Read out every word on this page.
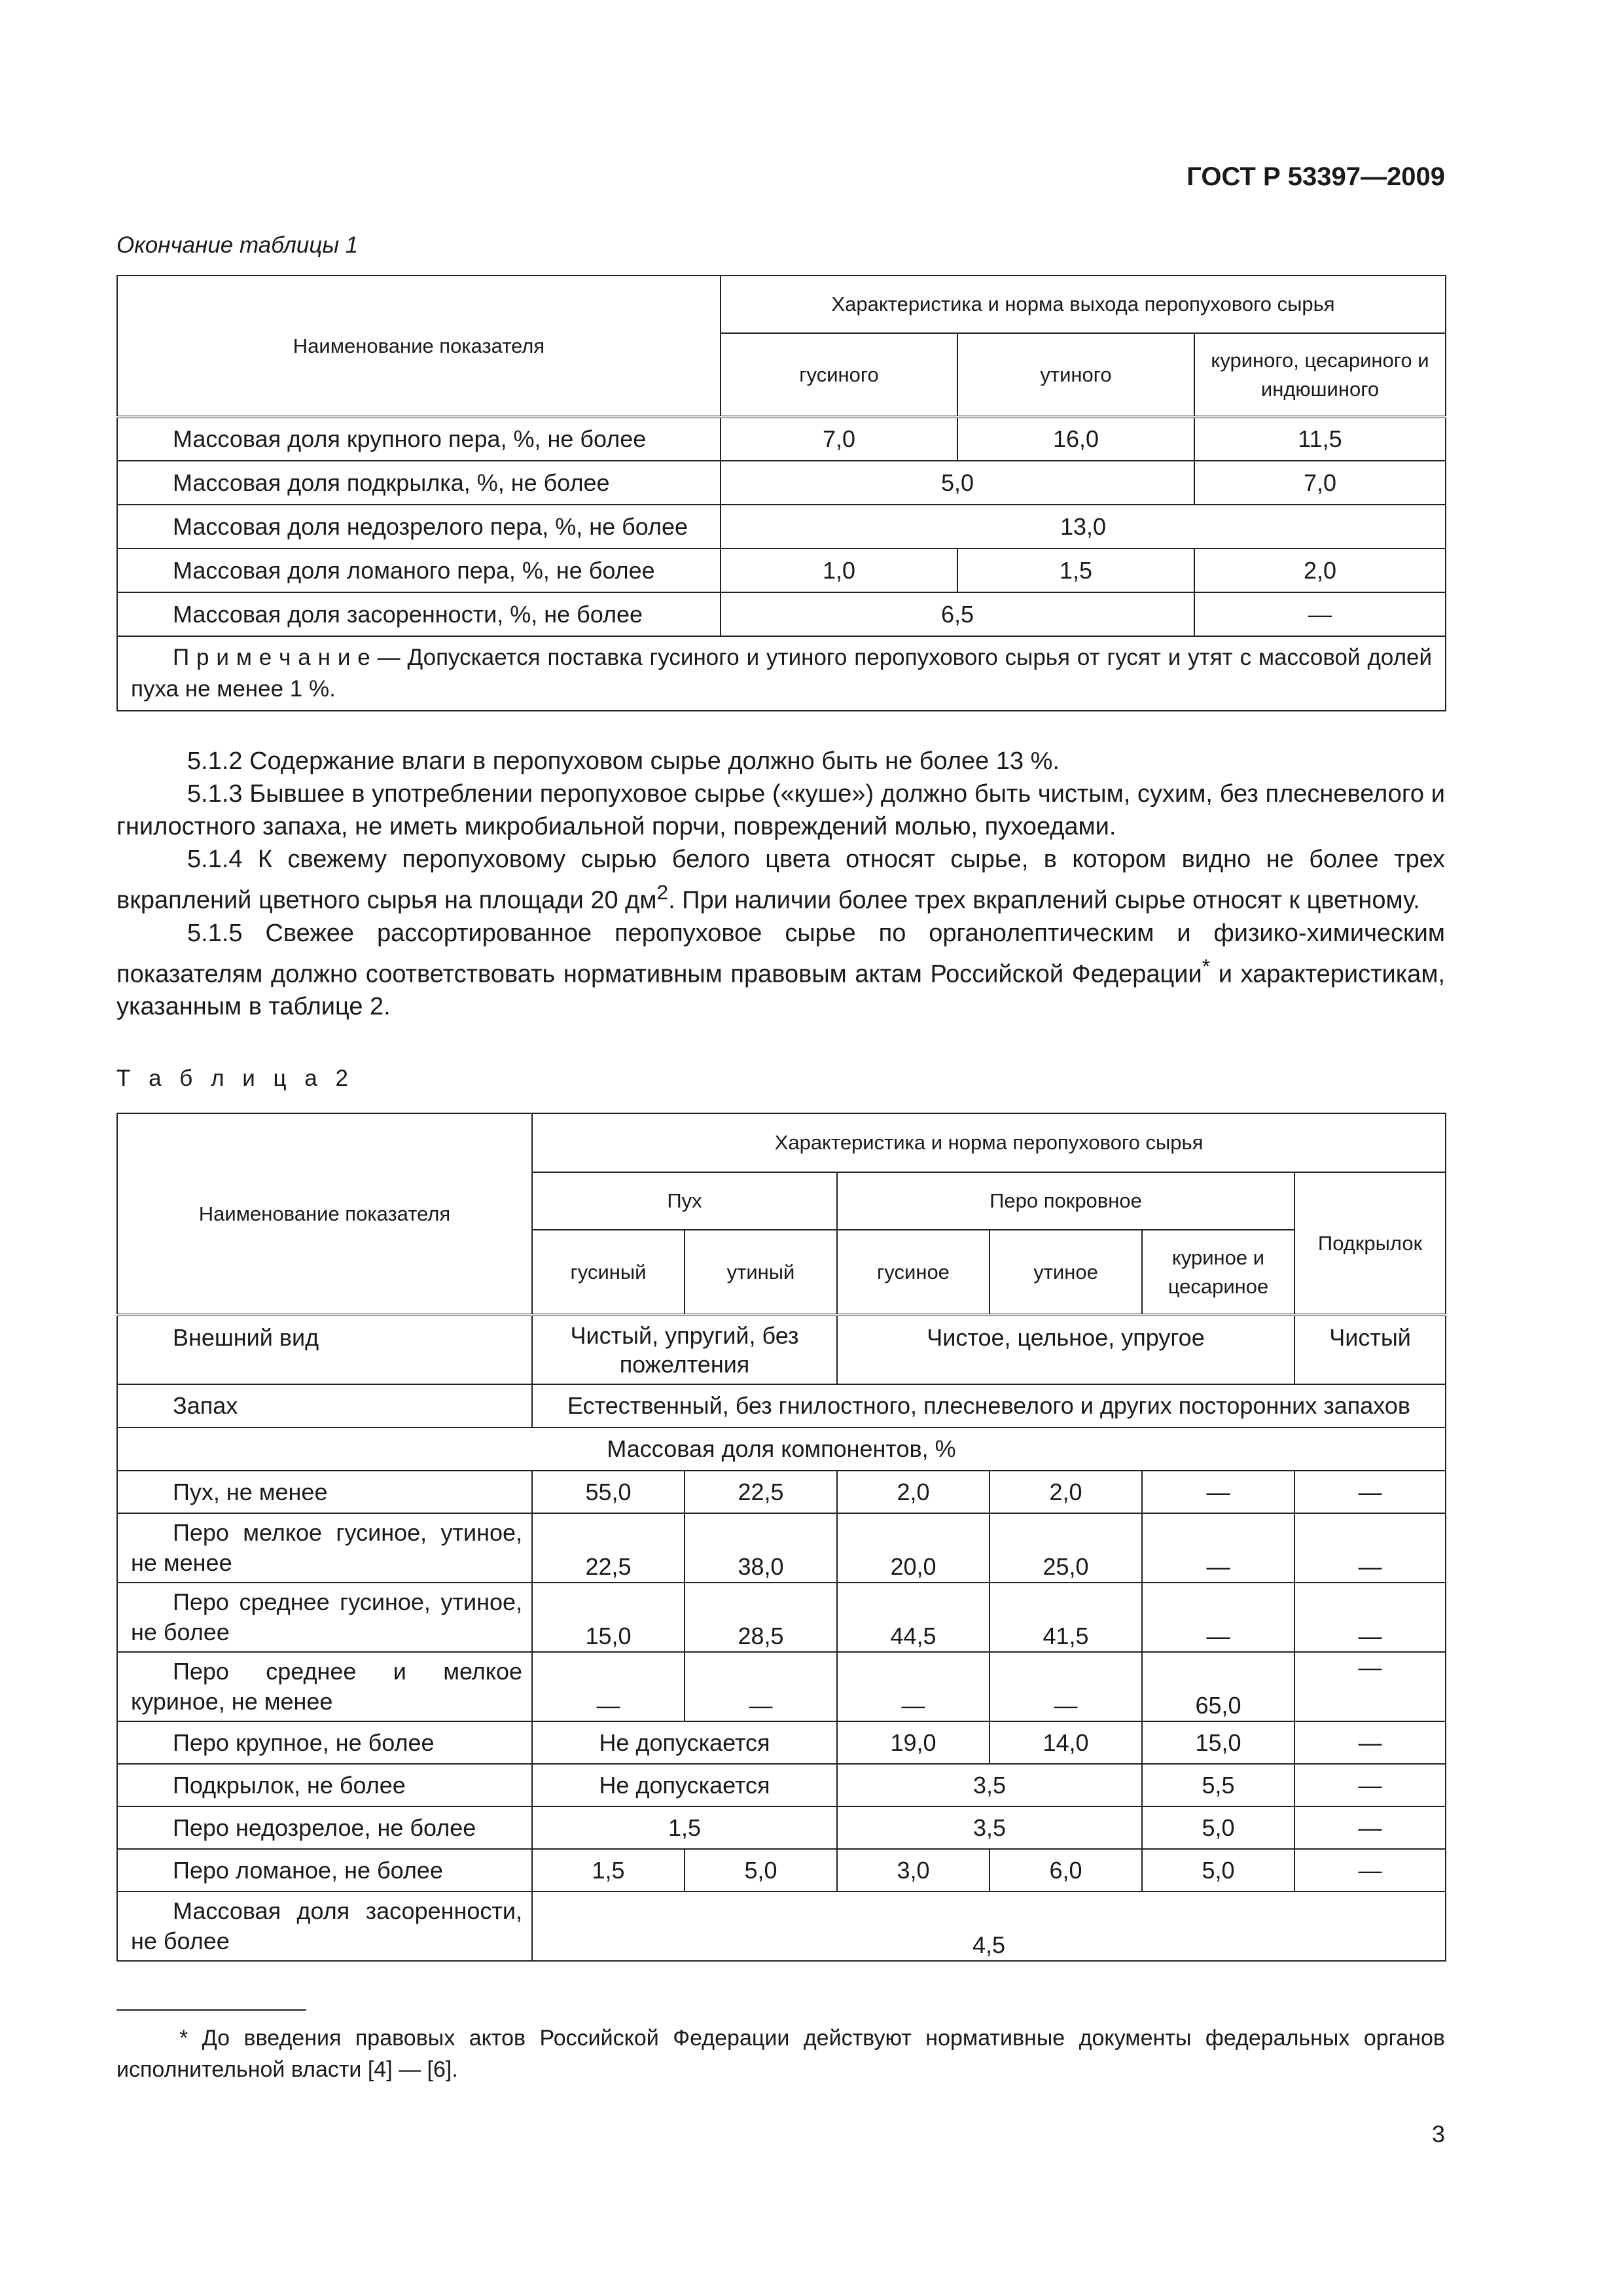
ГОСТ Р 53397—2009
Окончание таблицы 1
Наименование показателя	Характеристика и норма выхода перопухового сырья		
	гусиного	утиного	куриного, цесариного и индюшиного
Массовая доля крупного пера, %, не более	7,0	16,0	11,5
Массовая доля подкрылка, %, не более	5,0		7,0
Массовая доля недозрелого пера, %, не более	13,0		
Массовая доля ломаного пера, %, не более	1,0	1,5	2,0
Массовая доля засоренности, %, не более	6,5		—
П р и м е ч а н и е — Допускается поставка гусиного и утиного перопухового сырья от гусят и утят с массовой долей пуха не менее 1 %.			

5.1.2 Содержание влаги в перопуховом сырье должно быть не более 13 %.

5.1.3 Бывшее в употреблении перопуховое сырье («куше») должно быть чистым, сухим, без плесневелого и гнилостного запаха, не иметь микробиальной порчи, повреждений молью, пухоедами.

5.1.4 К свежему перопуховому сырью белого цвета относят сырье, в котором видно не более трех вкраплений цветного сырья на площади 20 $дм^2$. При наличии более трех вкраплений сырье относят к цветному.

5.1.5 Свежее рассортированное перопуховое сырье по органолептическим и физико-химическим показателям должно соответствовать нормативным правовым актам Российской Федерации* и характеристикам, указанным в таблице 2.

Т а б л и ц а 2
Наименование показателя	Характеристика и норма перопухового сырья					
	Пух		Перо покровное			Подкрылок
	гусиный	утиный	гусиное	утиное	куриное и цесариное	
Внешний вид	Чистый, упругий, без пожелтения		Чистое, цельное, упругое			Чистый
Запах	Естественный, без гнилостного, плесневелого и других посторонних запахов					
Массовая доля компонентов, %						
Пух, не менее	55,0	22,5	2,0	2,0	—	—
Перо мелкое гусиное, утиное, не менее	22,5	38,0	20,0	25,0	—	—
Перо среднее гусиное, утиное, не более	15,0	28,5	44,5	41,5	—	—
Перо среднее и мелкое куриное, не менее	—	—	—	—	65,0	—
Перо крупное, не более	Не допускается		19,0	14,0	15,0	—
Подкрылок, не более	Не допускается		3,5		5,5	—
Перо недозрелое, не более	1,5		3,5		5,0	—
Перо ломаное, не более	1,5	5,0	3,0	6,0	5,0	—
Массовая доля засоренности, не более	4,5					
* До введения правовых актов Российской Федерации действуют нормативные документы федеральных органов исполнительной власти [4] — [6].
3
